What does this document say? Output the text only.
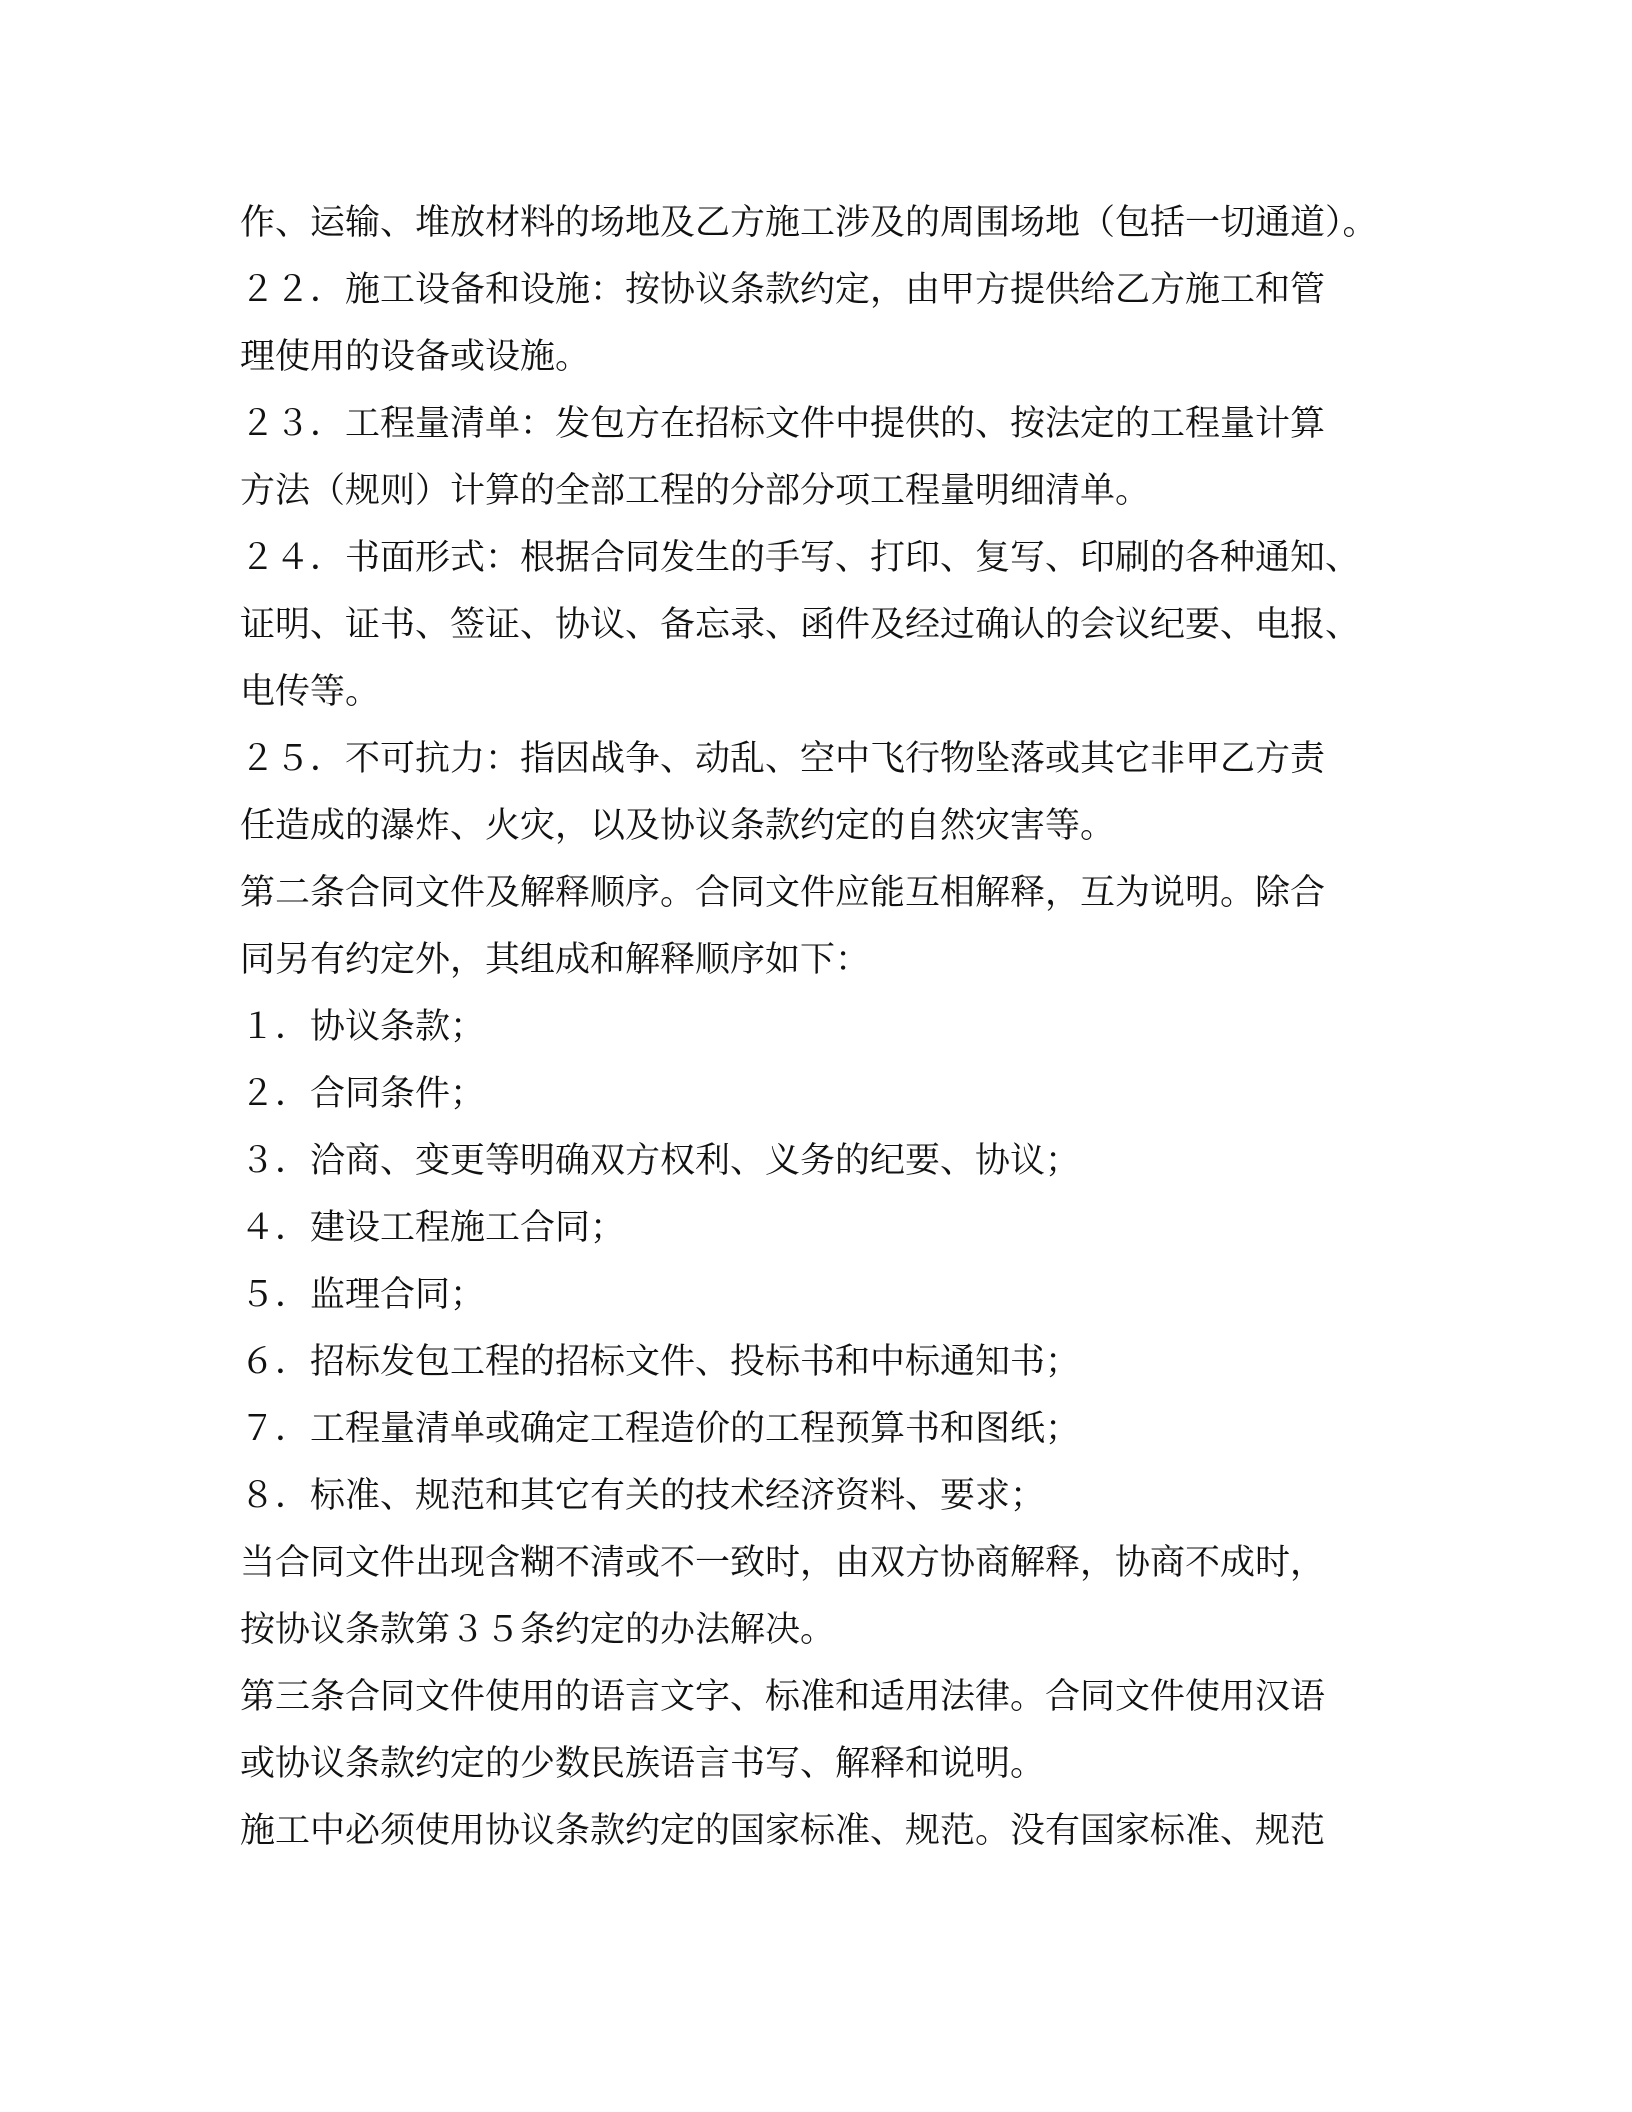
作、运输、堆放材料的场地及乙方施工涉及的周围场地（包括一切通道）。
２２．施工设备和设施：按协议条款约定，由甲方提供给乙方施工和管
理使用的设备或设施。
２３．工程量清单：发包方在招标文件中提供的、按法定的工程量计算
方法（规则）计算的全部工程的分部分项工程量明细清单。
２４．书面形式：根据合同发生的手写、打印、复写、印刷的各种通知、
证明、证书、签证、协议、备忘录、函件及经过确认的会议纪要、电报、
电传等。
２５．不可抗力：指因战争、动乱、空中飞行物坠落或其它非甲乙方责
任造成的瀑炸、火灾，以及协议条款约定的自然灾害等。
第二条合同文件及解释顺序。合同文件应能互相解释，互为说明。除合
同另有约定外，其组成和解释顺序如下：
１．协议条款；
２．合同条件；
３．洽商、变更等明确双方权利、义务的纪要、协议；
４．建设工程施工合同；
５．监理合同；
６．招标发包工程的招标文件、投标书和中标通知书；
７．工程量清单或确定工程造价的工程预算书和图纸；
８．标准、规范和其它有关的技术经济资料、要求；
当合同文件出现含糊不清或不一致时，由双方协商解释，协商不成时，
按协议条款第３５条约定的办法解决。
第三条合同文件使用的语言文字、标准和适用法律。合同文件使用汉语
或协议条款约定的少数民族语言书写、解释和说明。
施工中必须使用协议条款约定的国家标准、规范。没有国家标准、规范
